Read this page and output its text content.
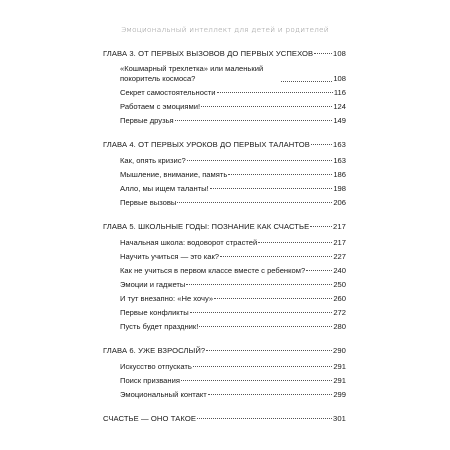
Эмоциональный интеллект для детей и родителей
ГЛАВА 3. ОТ ПЕРВЫХ ВЫЗОВОВ ДО ПЕРВЫХ УСПЕХОВ	108
«Кошмарный трехлетка» или маленький покоритель космоса?	108
Секрет самостоятельности	116
Работаем с эмоциями!	124
Первые друзья	149
ГЛАВА 4. ОТ ПЕРВЫХ УРОКОВ ДО ПЕРВЫХ ТАЛАНТОВ	163
Как, опять кризис?	163
Мышление, внимание, память	186
Алло, мы ищем таланты!	198
Первые вызовы	206
ГЛАВА 5. ШКОЛЬНЫЕ ГОДЫ: ПОЗНАНИЕ КАК СЧАСТЬЕ	217
Начальная школа: водоворот страстей	217
Научить учиться — это как?	227
Как не учиться в первом классе вместе с ребенком?	240
Эмоции и гаджеты	250
И тут внезапно: «Не хочу»	260
Первые конфликты	272
Пусть будет праздник!	280
ГЛАВА 6. УЖЕ ВЗРОСЛЫЙ?	290
Искусство отпускать	291
Поиск призвания	291
Эмоциональный контакт	299
СЧАСТЬЕ — ОНО ТАКОЕ	301
